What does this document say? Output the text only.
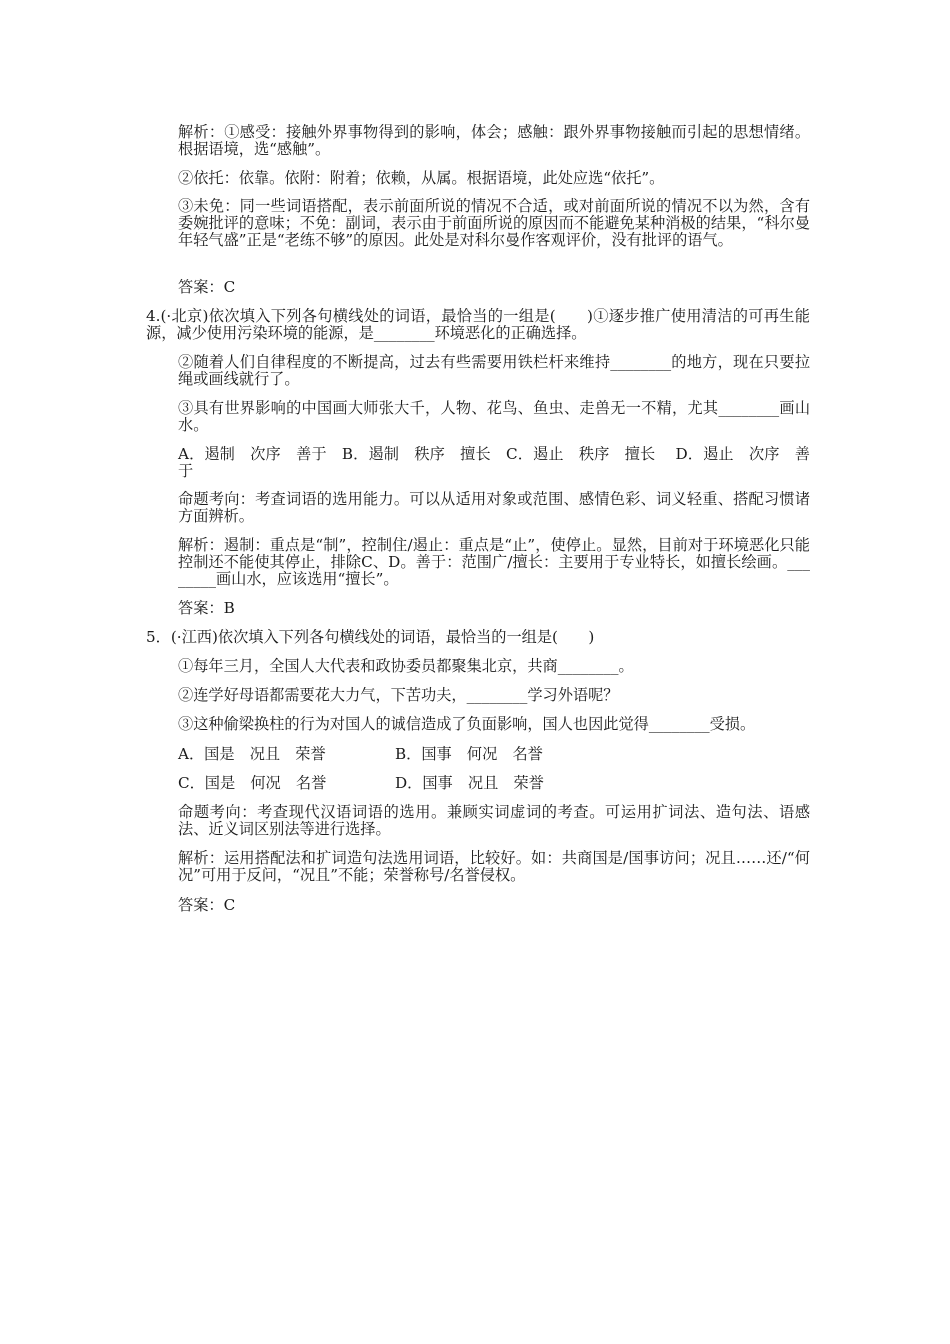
解析：①感受：接触外界事物得到的影响，体会；感触：跟外界事物接触而引起的思想情绪。根据语境，选“感触”。

②依托：依靠。依附：附着；依赖，从属。根据语境，此处应选“依托”。

③未免：同一些词语搭配，表示前面所说的情况不合适，或对前面所说的情况不以为然，含有委婉批评的意味；不免：副词，表示由于前面所说的原因而不能避免某种消极的结果，“科尔曼年轻气盛”正是“老练不够”的原因。此处是对科尔曼作客观评价，没有批评的语气。

答案：C

4.(·北京)依次填入下列各句横线处的词语，最恰当的一组是(　　)①逐步推广使用清洁的可再生能源，减少使用污染环境的能源，是________环境恶化的正确选择。

②随着人们自律程度的不断提高，过去有些需要用铁栏杆来维持________的地方，现在只要拉绳或画线就行了。

③具有世界影响的中国画大师张大千，人物、花鸟、鱼虫、走兽无一不精，尤其________画山水。

A．遏制　次序　善于　B．遏制　秩序　擅长　C．遏止　秩序　擅长　 D．遏止　次序　善于

命题考向：考查词语的选用能力。可以从适用对象或范围、感情色彩、词义轻重、搭配习惯诸方面辨析。

解析：遏制：重点是“制”，控制住/遏止：重点是“止”，使停止。显然，目前对于环境恶化只能控制还不能使其停止，排除C、D。善于：范围广/擅长：主要用于专业特长，如擅长绘画。________画山水，应该选用“擅长”。

答案：B

5．(·江西)依次填入下列各句横线处的词语，最恰当的一组是(　　)

①每年三月，全国人大代表和政协委员都聚集北京，共商________。

②连学好母语都需要花大力气，下苦功夫，________学习外语呢？

③这种偷梁换柱的行为对国人的诚信造成了负面影响，国人也因此觉得________受损。

A．国是　况且　荣誉	B．国事　何况　名誉
C．国是　何况　名誉	D．国事　况且　荣誉

命题考向：考查现代汉语词语的选用。兼顾实词虚词的考查。可运用扩词法、造句法、语感法、近义词区别法等进行选择。

解析：运用搭配法和扩词造句法选用词语，比较好。如：共商国是/国事访问；况且……还/“何况”可用于反问，“况且”不能；荣誉称号/名誉侵权。

答案：C
